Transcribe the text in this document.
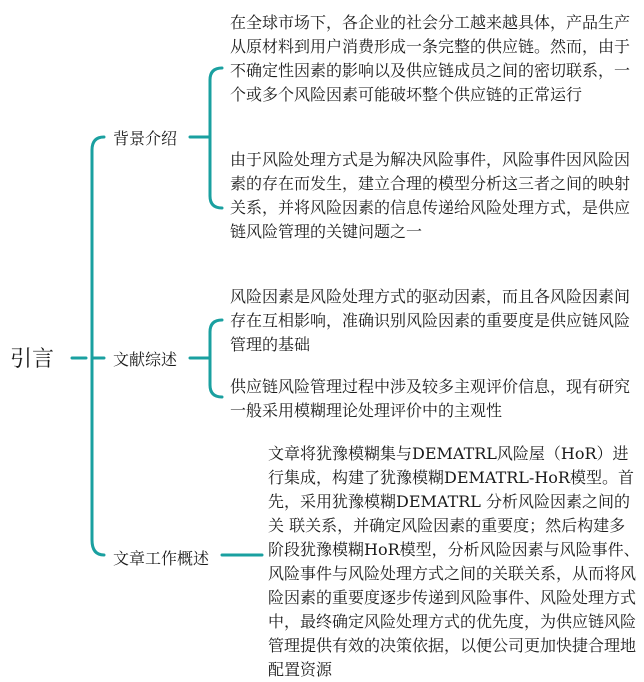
引言
背景介绍
文献综述
文章工作概述
在全球市场下，各企业的社会分工越来越具体，产品生产从原材料到用户消费形成一条完整的供应链。然而，由于不确定性因素的影响以及供应链成员之间的密切联系，一个或多个风险因素可能破坏整个供应链的正常运行
由于风险处理方式是为解决风险事件，风险事件因风险因素的存在而发生，建立合理的模型分析这三者之间的映射关系，并将风险因素的信息传递给风险处理方式，是供应链风险管理的关键问题之一
风险因素是风险处理方式的驱动因素，而且各风险因素间存在互相影响，准确识别风险因素的重要度是供应链风险管理的基础
供应链风险管理过程中涉及较多主观评价信息，现有研究一般采用模糊理论处理评价中的主观性
文章将犹豫模糊集与DEMATRL风险屋（HoR）进行集成，构建了犹豫模糊DEMATRL-HoR模型。首先，采用犹豫模糊DEMATRL 分析风险因素之间的关 联关系，并确定风险因素的重要度；然后构建多阶段犹豫模糊HoR模型，分析风险因素与风险事件、风险事件与风险处理方式之间的关联关系，从而将风险因素的重要度逐步传递到风险事件、风险处理方式中，最终确定风险处理方式的优先度，为供应链风险管理提供有效的决策依据，以便公司更加快捷合理地配置资源
